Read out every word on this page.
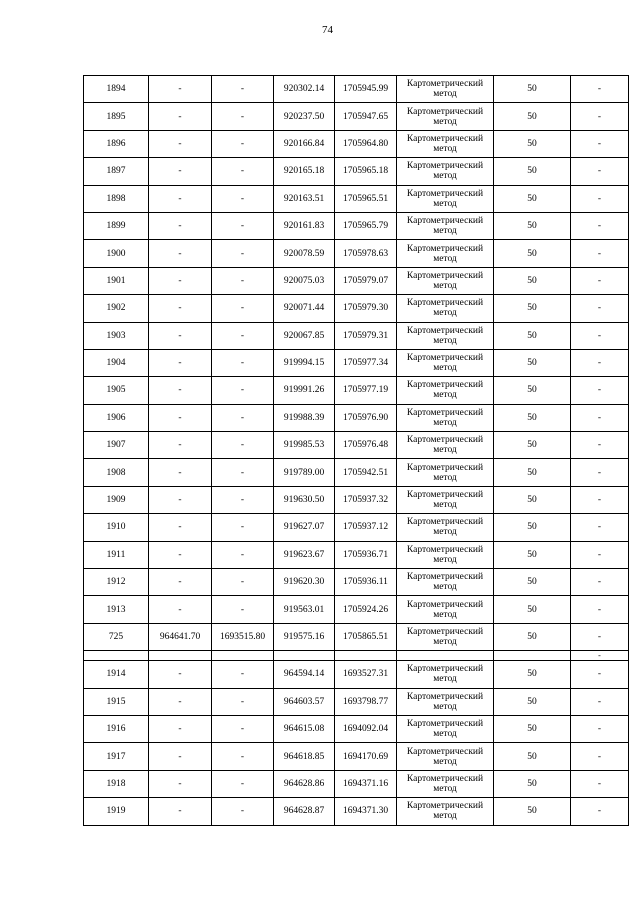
74
1894	-	-	920302.14	1705945.99	Картометрический метод	50	-
1895	-	-	920237.50	1705947.65	Картометрический метод	50	-
1896	-	-	920166.84	1705964.80	Картометрический метод	50	-
1897	-	-	920165.18	1705965.18	Картометрический метод	50	-
1898	-	-	920163.51	1705965.51	Картометрический метод	50	-
1899	-	-	920161.83	1705965.79	Картометрический метод	50	-
1900	-	-	920078.59	1705978.63	Картометрический метод	50	-
1901	-	-	920075.03	1705979.07	Картометрический метод	50	-
1902	-	-	920071.44	1705979.30	Картометрический метод	50	-
1903	-	-	920067.85	1705979.31	Картометрический метод	50	-
1904	-	-	919994.15	1705977.34	Картометрический метод	50	-
1905	-	-	919991.26	1705977.19	Картометрический метод	50	-
1906	-	-	919988.39	1705976.90	Картометрический метод	50	-
1907	-	-	919985.53	1705976.48	Картометрический метод	50	-
1908	-	-	919789.00	1705942.51	Картометрический метод	50	-
1909	-	-	919630.50	1705937.32	Картометрический метод	50	-
1910	-	-	919627.07	1705937.12	Картометрический метод	50	-
1911	-	-	919623.67	1705936.71	Картометрический метод	50	-
1912	-	-	919620.30	1705936.11	Картометрический метод	50	-
1913	-	-	919563.01	1705924.26	Картометрический метод	50	-
725	964641.70	1693515.80	919575.16	1705865.51	Картометрический метод	50	-
							-
1914	-	-	964594.14	1693527.31	Картометрический метод	50	-
1915	-	-	964603.57	1693798.77	Картометрический метод	50	-
1916	-	-	964615.08	1694092.04	Картометрический метод	50	-
1917	-	-	964618.85	1694170.69	Картометрический метод	50	-
1918	-	-	964628.86	1694371.16	Картометрический метод	50	-
1919	-	-	964628.87	1694371.30	Картометрический метод	50	-
